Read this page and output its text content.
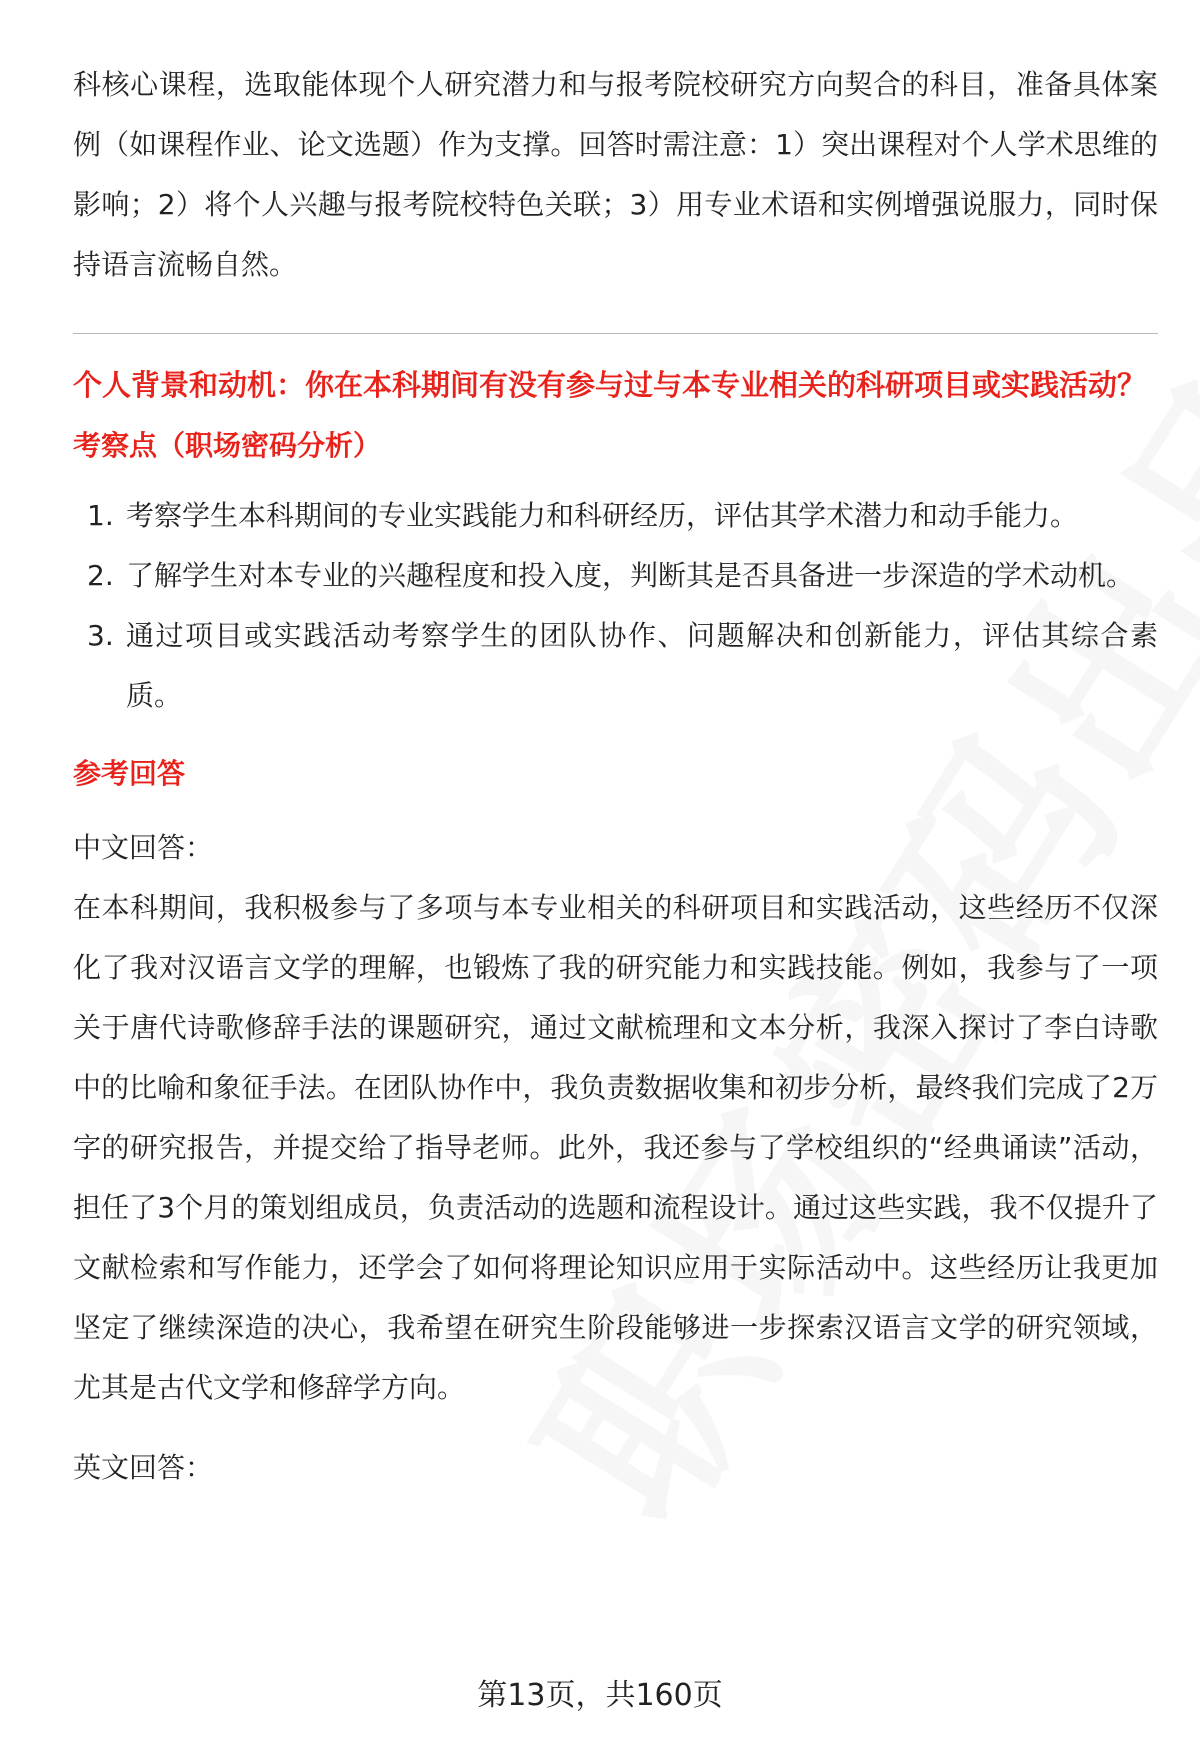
科核心课程，选取能体现个人研究潜力和与报考院校研究方向契合的科目，准备具体案例（如课程作业、论文选题）作为支撑。回答时需注意：1）突出课程对个人学术思维的影响；2）将个人兴趣与报考院校特色关联；3）用专业术语和实例增强说服力，同时保持语言流畅自然。

个人背景和动机：你在本科期间有没有参与过与本专业相关的科研项目或实践活动？
考察点（职场密码分析）
1. 考察学生本科期间的专业实践能力和科研经历，评估其学术潜力和动手能力。
2. 了解学生对本专业的兴趣程度和投入度，判断其是否具备进一步深造的学术动机。
3. 通过项目或实践活动考察学生的团队协作、问题解决和创新能力，评估其综合素质。
参考回答

中文回答：

在本科期间，我积极参与了多项与本专业相关的科研项目和实践活动，这些经历不仅深化了我对汉语言文学的理解，也锻炼了我的研究能力和实践技能。例如，我参与了一项关于唐代诗歌修辞手法的课题研究，通过文献梳理和文本分析，我深入探讨了李白诗歌中的比喻和象征手法。在团队协作中，我负责数据收集和初步分析，最终我们完成了2万字的研究报告，并提交给了指导老师。此外，我还参与了学校组织的“经典诵读”活动，担任了3个月的策划组成员，负责活动的选题和流程设计。通过这些实践，我不仅提升了文献检索和写作能力，还学会了如何将理论知识应用于实际活动中。这些经历让我更加坚定了继续深造的决心，我希望在研究生阶段能够进一步探索汉语言文学的研究领域，尤其是古代文学和修辞学方向。

英文回答：

第13页，共160页
